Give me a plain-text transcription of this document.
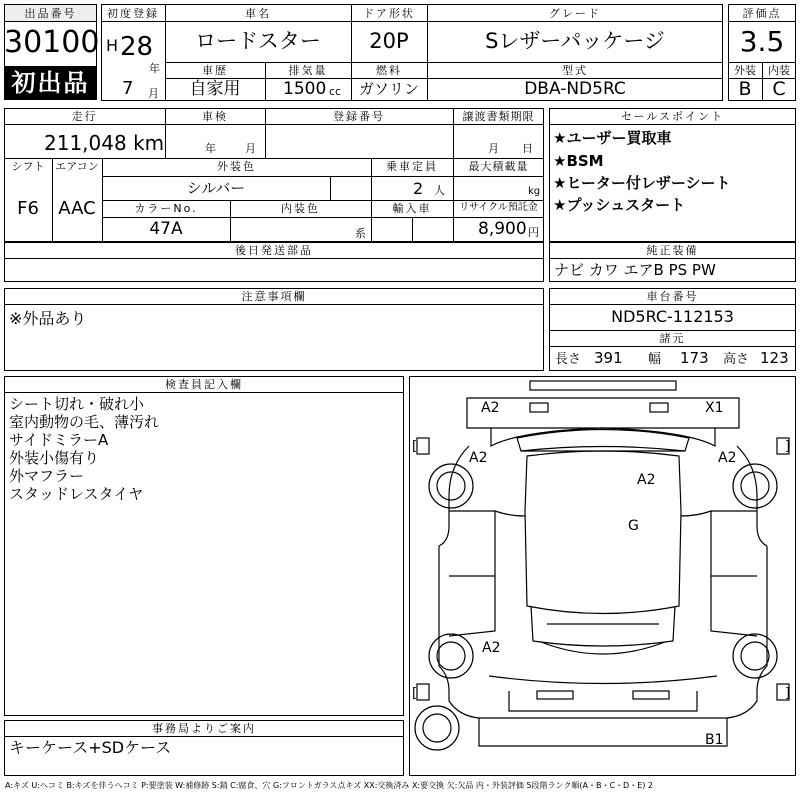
出品番号
30100
初出品
初度登録
H 28
年
7 月
車名
ロードスター
ドア形状
20P
グレード
Sレザーパッケージ
車歴
自家用
排気量
1500 cc
燃料
ガソリン
型式
DBA-ND5RC
評価点
3.5
外装	内装
B	C
走行
211,048 km
車検
年	月
登録番号	譲渡書類期限
月 日
シフト
F6
エアコン
AAC
外装色
シルバー
乗車定員
2 人
最大積載量
kg
カラーNo.
47A
内装色
系
輸入車	リサイクル預託金
8,900 円
セールスポイント
★ユーザー買取車
★BSM
★ヒーター付レザーシート
★プッシュスタート
後日発送部品	純正装備
ナビ カワ エアB PS PW
注意事項欄
※外品あり
車台番号
ND5RC-112153
諸元
長さ 391 幅 173 高さ 123
検査員記入欄
シート切れ・破れ小
室内動物の毛、薄汚れ
サイドミラーA
外装小傷有り
外マフラー
スタッドレスタイヤ
事務局よりご案内
キーケース+SDケース
[	]
[	]
A2	X1
A2	A2
A2
G
A2
B1
A:キズ U:ヘコミ B:キズを伴うヘコミ P:要塗装 W:補修跡 S:錆 C:腐食、穴 G:フロントガラス点キズ XX:交換済み X:要交換 欠:欠品 内・外装評価 5段階ランク順(A・B・C・D・E) 2
